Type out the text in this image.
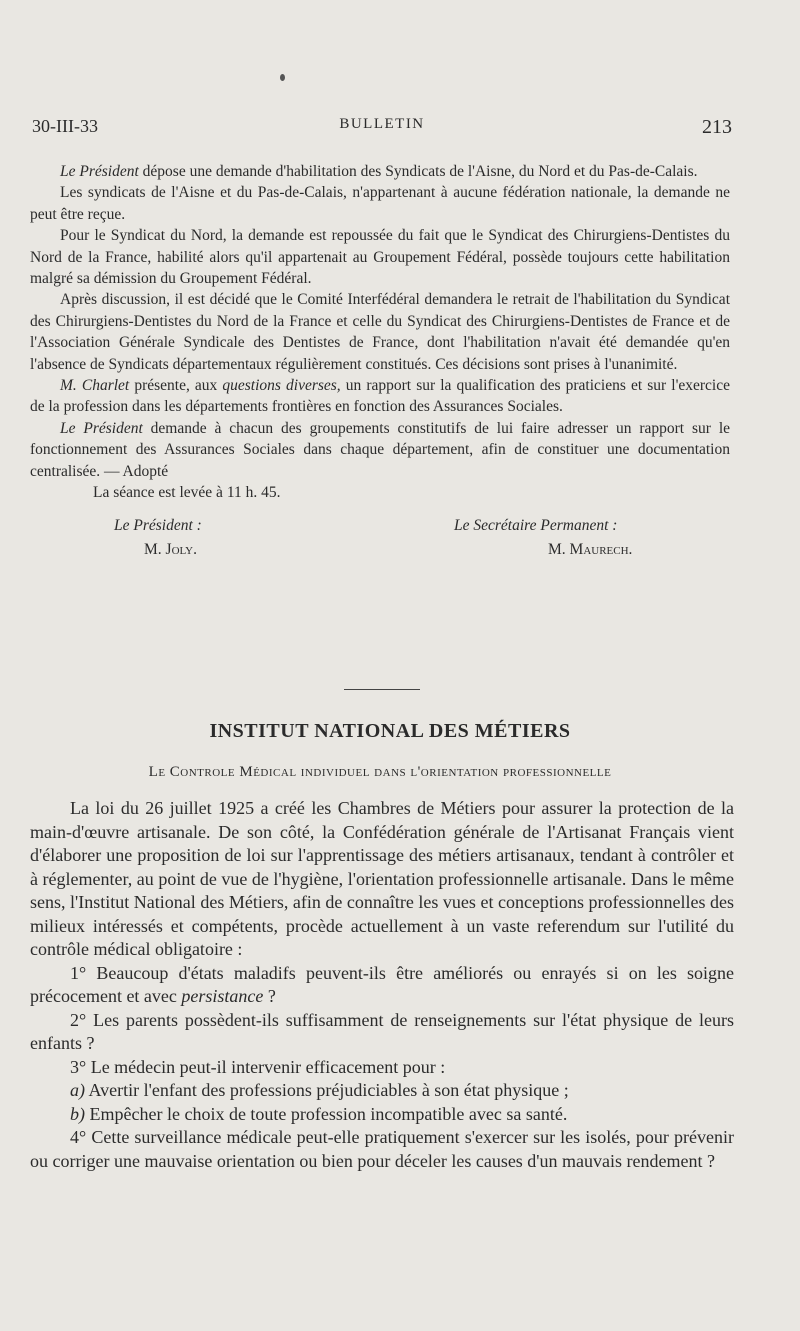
30-III-33	BULLETIN	213

Le Président dépose une demande d'habilitation des Syndicats de l'Aisne, du Nord et du Pas-de-Calais.

Les syndicats de l'Aisne et du Pas-de-Calais, n'appartenant à aucune fédération nationale, la demande ne peut être reçue.

Pour le Syndicat du Nord, la demande est repoussée du fait que le Syndicat des Chirurgiens-Dentistes du Nord de la France, habilité alors qu'il appartenait au Groupement Fédéral, possède toujours cette habilitation malgré sa démission du Groupement Fédéral.

Après discussion, il est décidé que le Comité Interfédéral demandera le retrait de l'habilitation du Syndicat des Chirurgiens-Dentistes du Nord de la France et celle du Syndicat des Chirurgiens-Dentistes de France et de l'Association Générale Syndicale des Dentistes de France, dont l'habilitation n'avait été demandée qu'en l'absence de Syndicats départementaux régulièrement constitués. Ces décisions sont prises à l'unanimité.

M. Charlet présente, aux questions diverses, un rapport sur la qualification des praticiens et sur l'exercice de la profession dans les départements frontières en fonction des Assurances Sociales.

Le Président demande à chacun des groupements constitutifs de lui faire adresser un rapport sur le fonctionnement des Assurances Sociales dans chaque département, afin de constituer une documentation centralisée. — Adopté

La séance est levée à 11 h. 45.

Le Président :
M. Joly.
Le Secrétaire Permanent :
M. Maurech.
INSTITUT NATIONAL DES MÉTIERS
Le Controle Médical individuel dans l'orientation professionnelle

La loi du 26 juillet 1925 a créé les Chambres de Métiers pour assurer la protection de la main-d'œuvre artisanale. De son côté, la Confédération générale de l'Artisanat Français vient d'élaborer une proposition de loi sur l'apprentissage des métiers artisanaux, tendant à contrôler et à réglementer, au point de vue de l'hygiène, l'orientation professionnelle artisanale. Dans le même sens, l'Institut National des Métiers, afin de connaître les vues et conceptions professionnelles des milieux intéressés et compétents, procède actuellement à un vaste referendum sur l'utilité du contrôle médical obligatoire :

1° Beaucoup d'états maladifs peuvent-ils être améliorés ou enrayés si on les soigne précocement et avec persistance ?

2° Les parents possèdent-ils suffisamment de renseignements sur l'état physique de leurs enfants ?

3° Le médecin peut-il intervenir efficacement pour :

a) Avertir l'enfant des professions préjudiciables à son état physique ;

b) Empêcher le choix de toute profession incompatible avec sa santé.

4° Cette surveillance médicale peut-elle pratiquement s'exercer sur les isolés, pour prévenir ou corriger une mauvaise orientation ou bien pour déceler les causes d'un mauvais rendement ?
